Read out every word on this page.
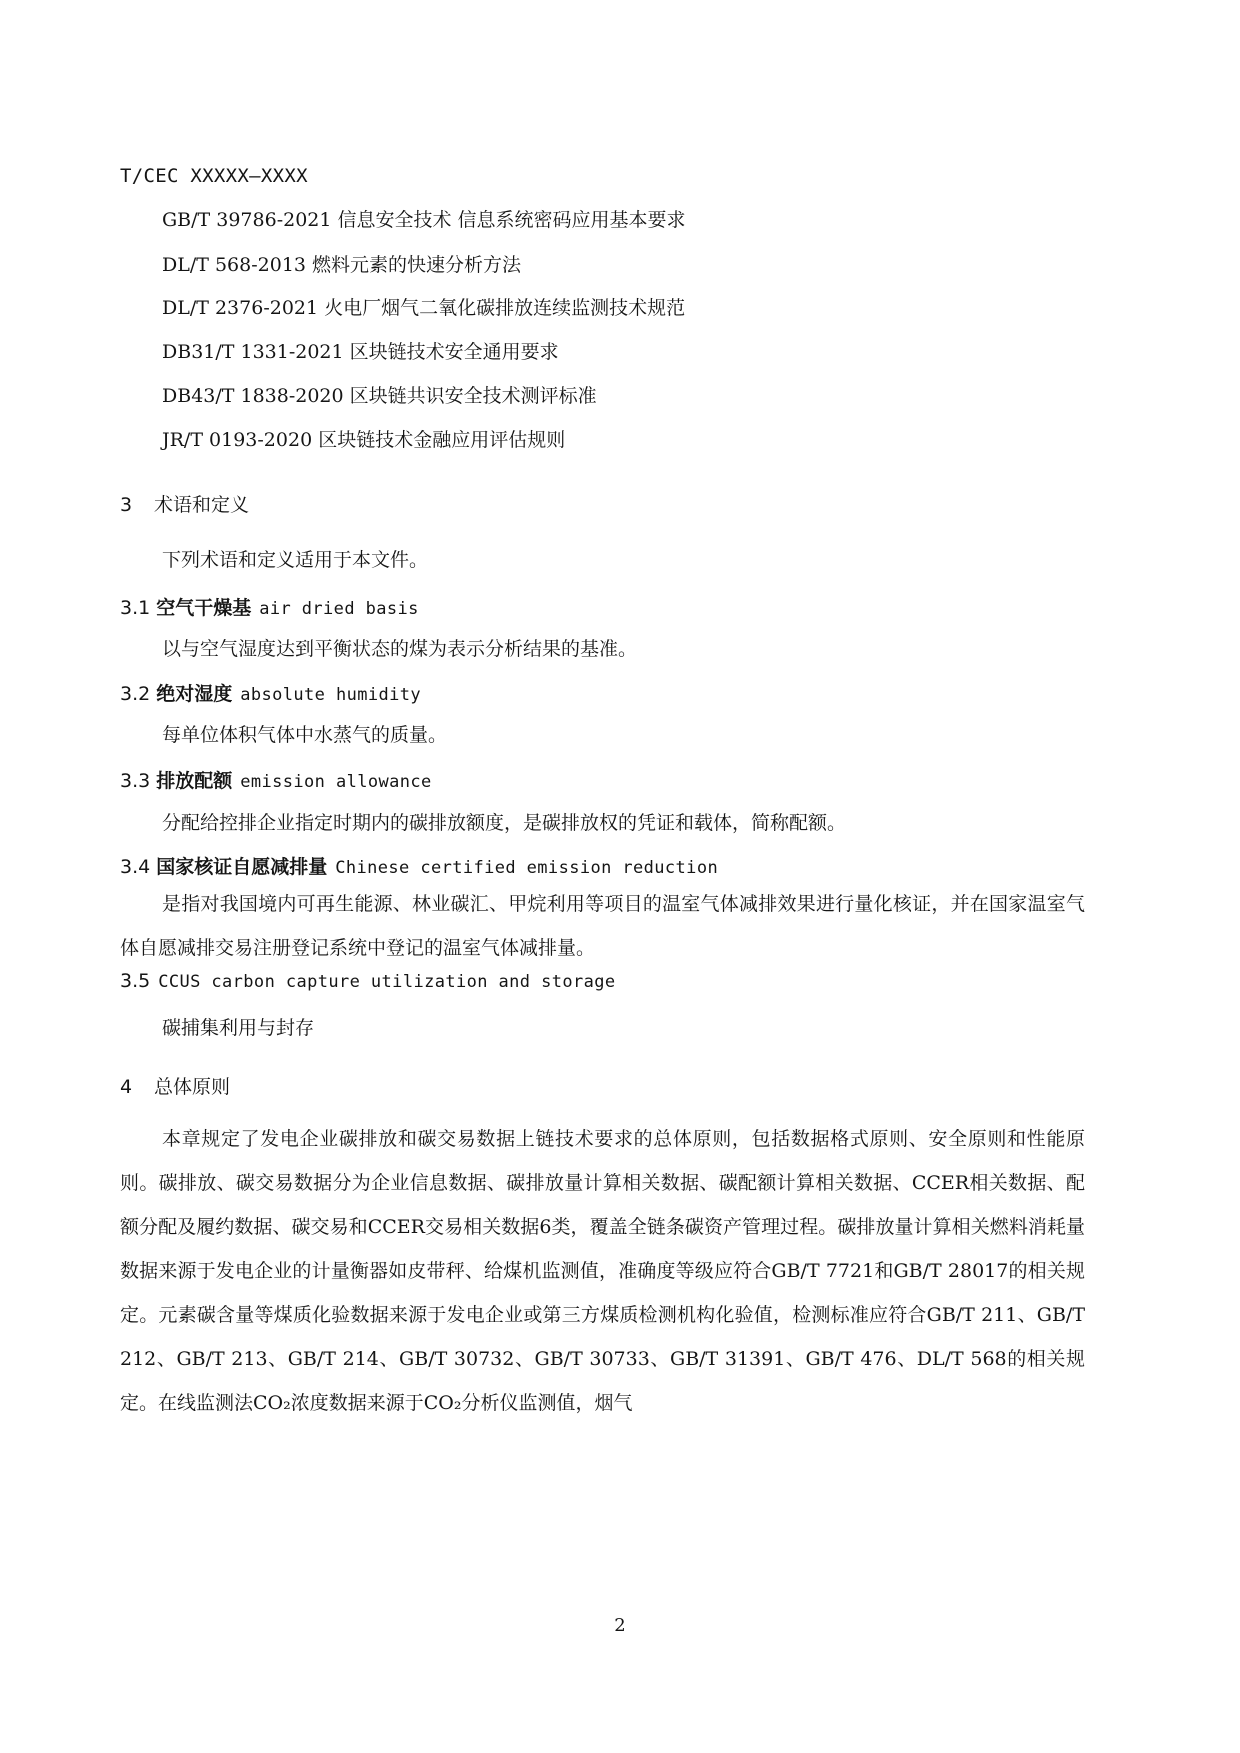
T/CEC XXXXX—XXXX
GB/T 39786-2021 信息安全技术 信息系统密码应用基本要求
DL/T 568-2013 燃料元素的快速分析方法
DL/T 2376-2021 火电厂烟气二氧化碳排放连续监测技术规范
DB31/T 1331-2021 区块链技术安全通用要求
DB43/T 1838-2020 区块链共识安全技术测评标准
JR/T 0193-2020 区块链技术金融应用评估规则
3 术语和定义
下列术语和定义适用于本文件。
3.1 空气干燥基 air dried basis
以与空气湿度达到平衡状态的煤为表示分析结果的基准。
3.2 绝对湿度 absolute humidity
每单位体积气体中水蒸气的质量。
3.3 排放配额 emission allowance
分配给控排企业指定时期内的碳排放额度，是碳排放权的凭证和载体，简称配额。
3.4 国家核证自愿减排量 Chinese certified emission reduction

是指对我国境内可再生能源、林业碳汇、甲烷利用等项目的温室气体减排效果进行量化核证，并在国家温室气体自愿减排交易注册登记系统中登记的温室气体减排量。

3.5 CCUS carbon capture utilization and storage
碳捕集利用与封存
4 总体原则

本章规定了发电企业碳排放和碳交易数据上链技术要求的总体原则，包括数据格式原则、安全原则和性能原则。碳排放、碳交易数据分为企业信息数据、碳排放量计算相关数据、碳配额计算相关数据、CCER相关数据、配额分配及履约数据、碳交易和CCER交易相关数据6类，覆盖全链条碳资产管理过程。碳排放量计算相关燃料消耗量数据来源于发电企业的计量衡器如皮带秤、给煤机监测值，准确度等级应符合GB/T 7721和GB/T 28017的相关规定。元素碳含量等煤质化验数据来源于发电企业或第三方煤质检测机构化验值，检测标准应符合GB/T 211、GB/T 212、GB/T 213、GB/T 214、GB/T 30732、GB/T 30733、GB/T 31391、GB/T 476、DL/T 568的相关规定。在线监测法CO₂浓度数据来源于CO₂分析仪监测值，烟气

2
